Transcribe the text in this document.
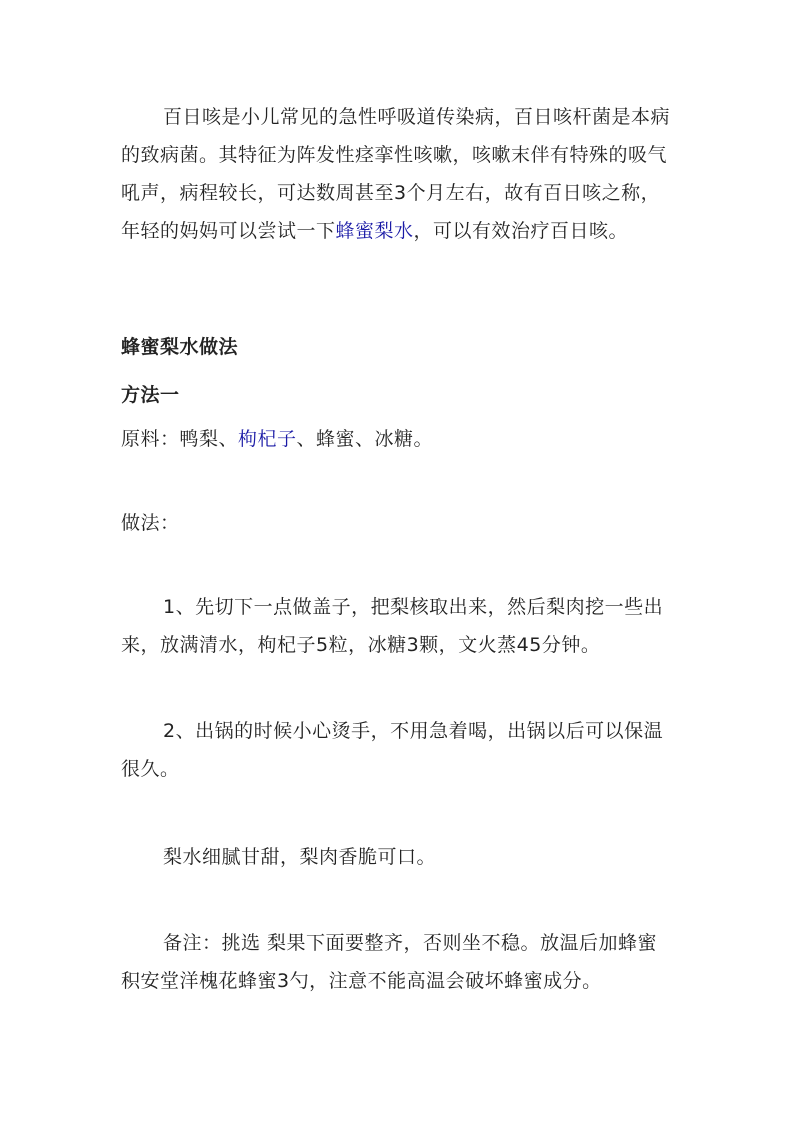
百日咳是小儿常见的急性呼吸道传染病，百日咳杆菌是本病的致病菌。其特征为阵发性痉挛性咳嗽，咳嗽末伴有特殊的吸气吼声，病程较长，可达数周甚至3个月左右，故有百日咳之称，年轻的妈妈可以尝试一下蜂蜜梨水，可以有效治疗百日咳。

蜂蜜梨水做法

方法一

原料：鸭梨、枸杞子、蜂蜜、冰糖。

做法：

1、先切下一点做盖子，把梨核取出来，然后梨肉挖一些出来，放满清水，枸杞子5粒，冰糖3颗，文火蒸45分钟。

2、出锅的时候小心烫手，不用急着喝，出锅以后可以保温很久。

梨水细腻甘甜，梨肉香脆可口。

备注：挑选 梨果下面要整齐，否则坐不稳。放温后加蜂蜜积安堂洋槐花蜂蜜3勺，注意不能高温会破坏蜂蜜成分。
